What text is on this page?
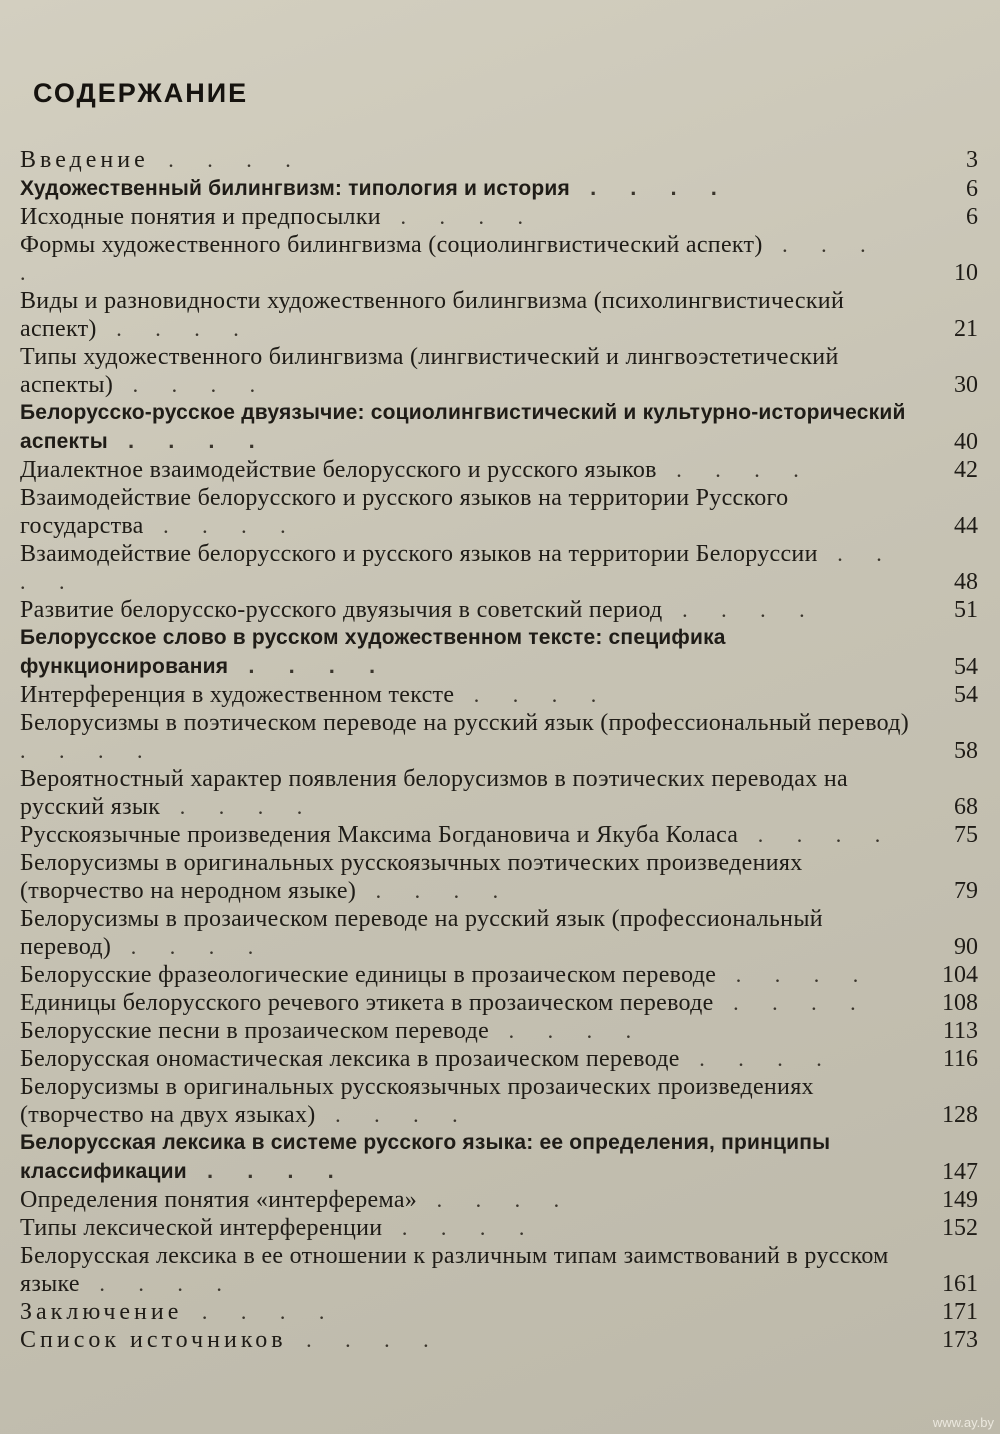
СОДЕРЖАНИЕ
Введение . . . .	3
Художественный билингвизм: типология и история . . . .	6
Исходные понятия и предпосылки . . . .	6
Формы художественного билингвизма (социолингвистический аспект) . . . .	10
Виды и разновидности художественного билингвизма (психолингвистический аспект) . . . .	21
Типы художественного билингвизма (лингвистический и лингвоэстетический аспекты) . . . .	30
Белорусско-русское двуязычие: социолингвистический и культурно-исторический аспекты . . . .	40
Диалектное взаимодействие белорусского и русского языков . . . .	42
Взаимодействие белорусского и русского языков на территории Русского государства . . . .	44
Взаимодействие белорусского и русского языков на территории Белоруссии . . . .	48
Развитие белорусско-русского двуязычия в советский период . . . .	51
Белорусское слово в русском художественном тексте: специфика функционирования . . . .	54
Интерференция в художественном тексте . . . .	54
Белорусизмы в поэтическом переводе на русский язык (профессиональный перевод) . . . .	58
Вероятностный характер появления белорусизмов в поэтических переводах на русский язык . . . .	68
Русскоязычные произведения Максима Богдановича и Якуба Коласа . . . .	75
Белорусизмы в оригинальных русскоязычных поэтических произведениях (творчество на неродном языке) . . . .	79
Белорусизмы в прозаическом переводе на русский язык (профессиональный перевод) . . . .	90
Белорусские фразеологические единицы в прозаическом переводе . . . .	104
Единицы белорусского речевого этикета в прозаическом переводе . . . .	108
Белорусские песни в прозаическом переводе . . . .	113
Белорусская ономастическая лексика в прозаическом переводе . . . .	116
Белорусизмы в оригинальных русскоязычных прозаических произведениях (творчество на двух языках) . . . .	128
Белорусская лексика в системе русского языка: ее определения, принципы классификации . . . .	147
Определения понятия «интерферема» . . . .	149
Типы лексической интерференции . . . .	152
Белорусская лексика в ее отношении к различным типам заимствований в русском языке . . . .	161
Заключение . . . .	171
Список источников . . . .	173
www.ay.by
